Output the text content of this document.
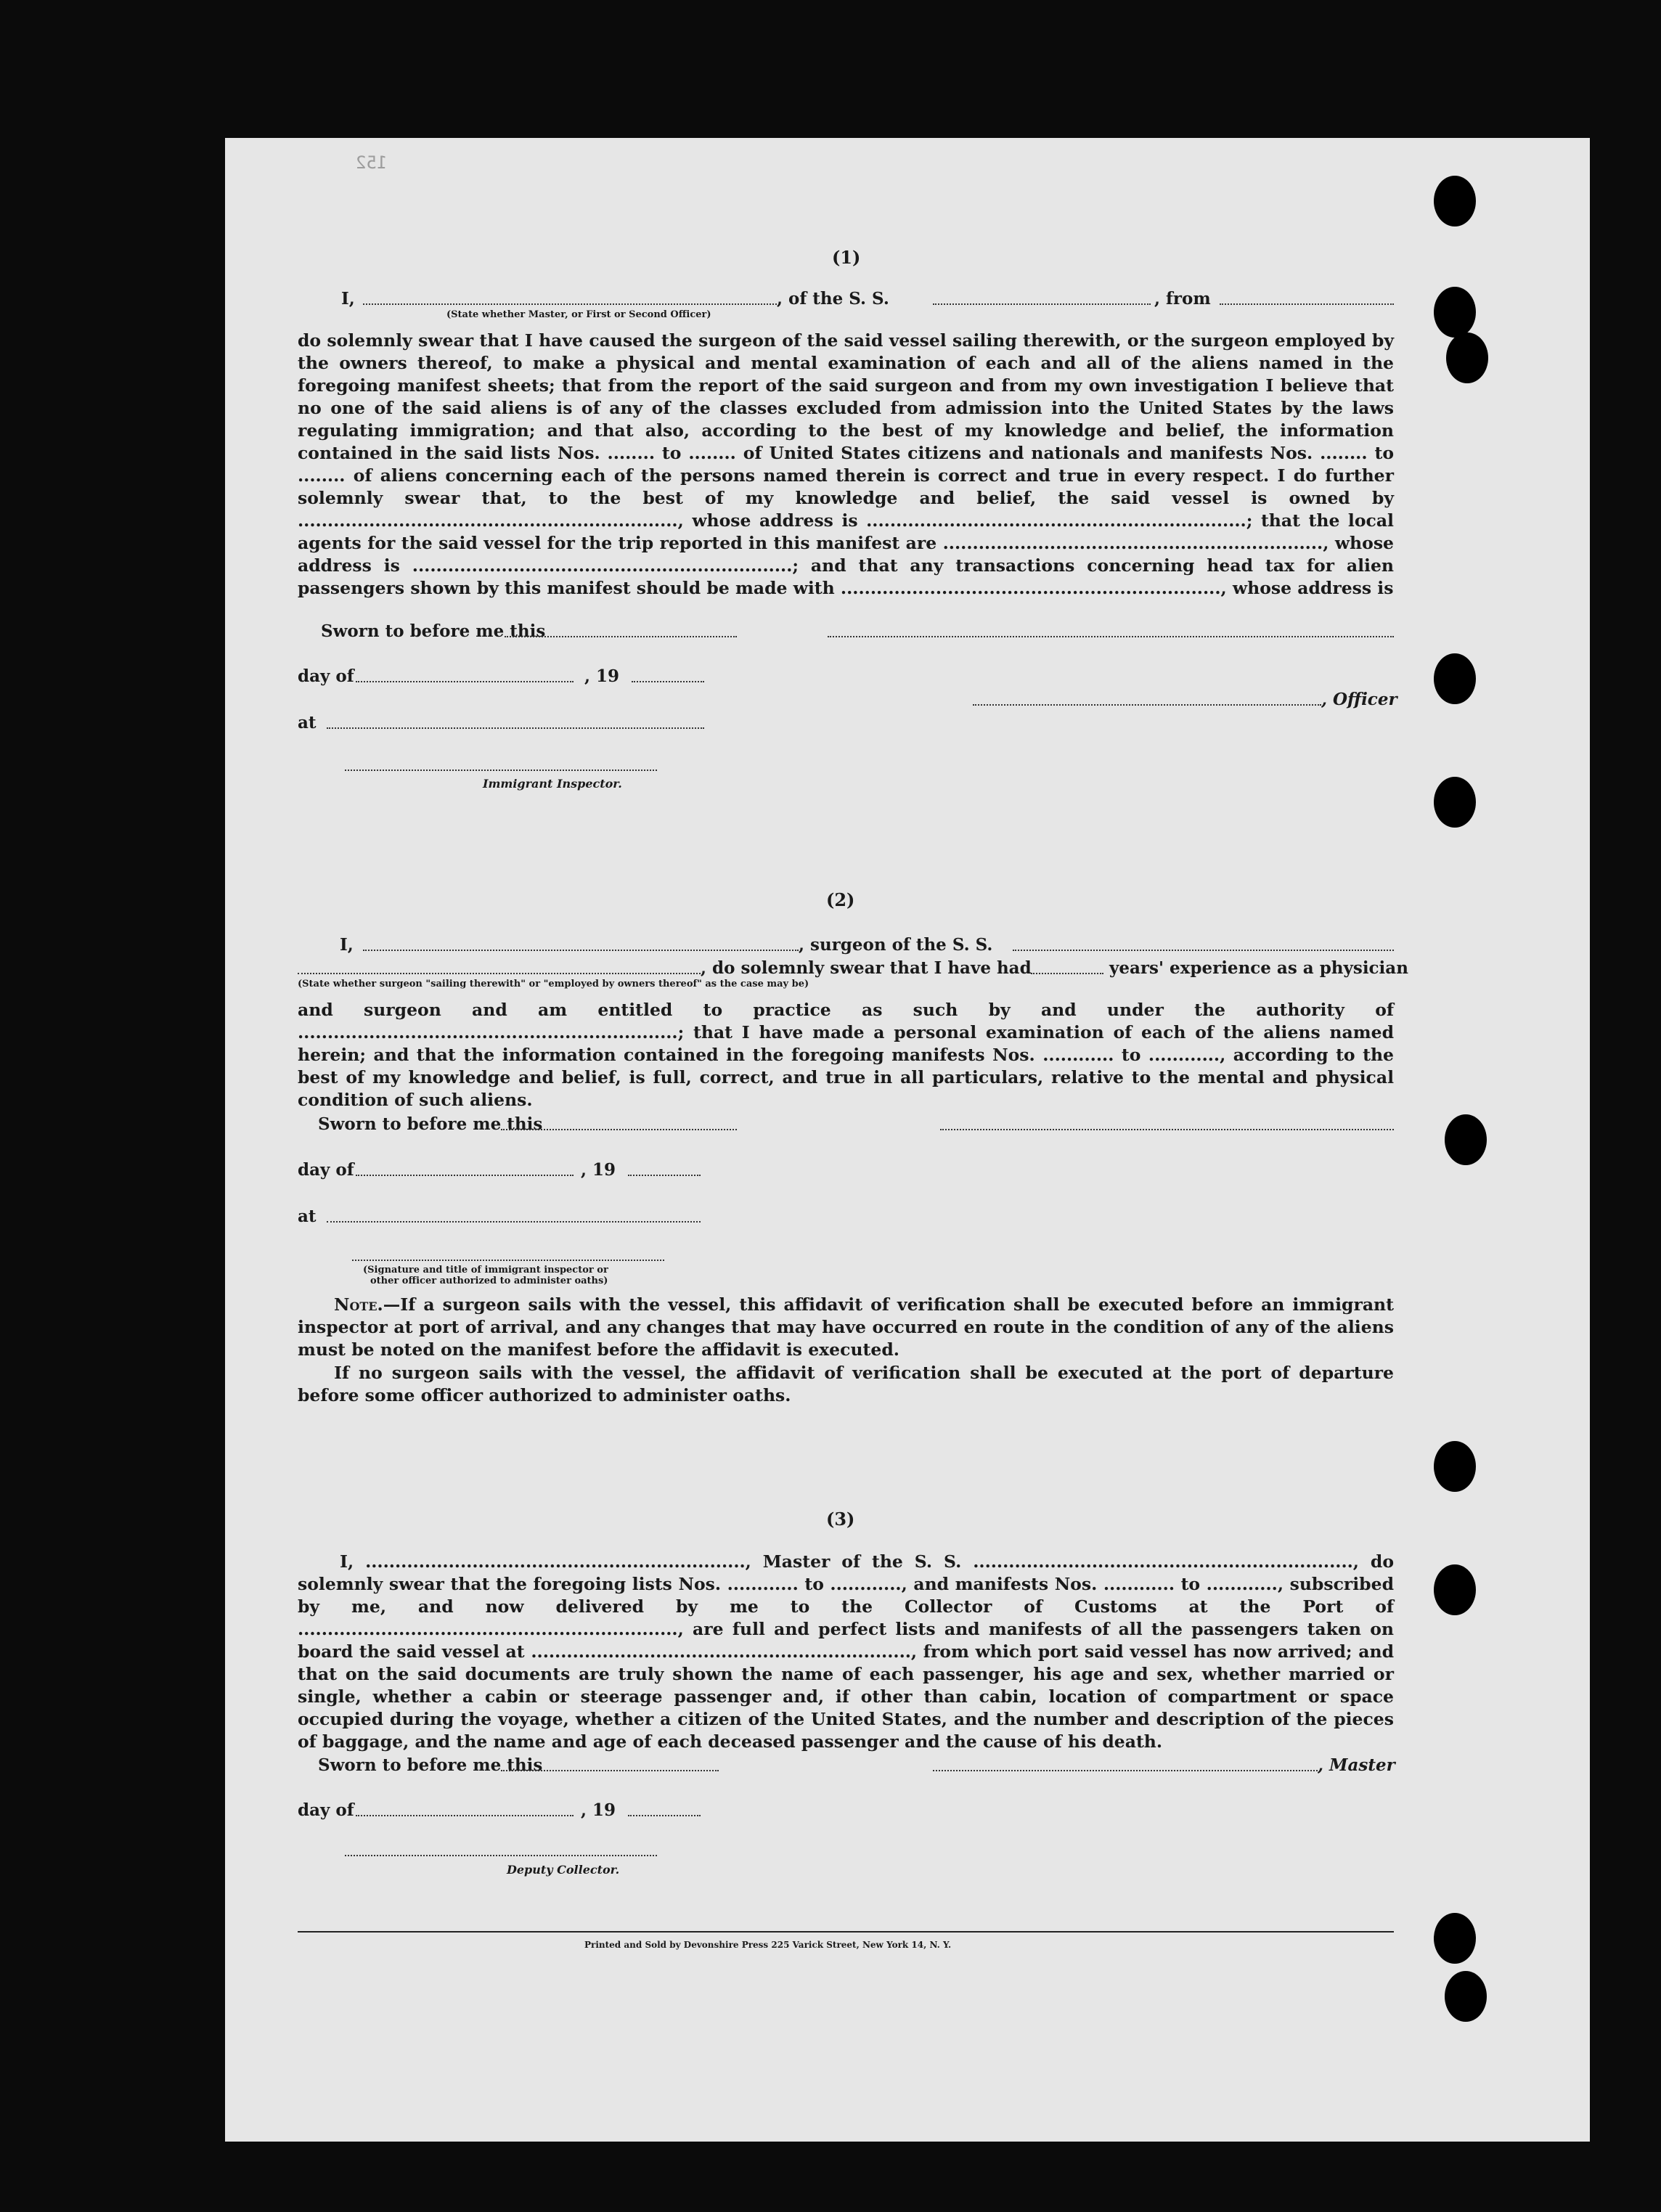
152
(1)
I,	, of the S. S.	, from
(State whether Master, or First or Second Officer)
do solemnly swear that I have caused the surgeon of the said vessel sailing therewith, or the surgeon employed by the owners thereof, to make a physical and mental examination of each and all of the aliens named in the foregoing manifest sheets; that from the report of the said surgeon and from my own investigation I believe that no one of the said aliens is of any of the classes excluded from admission into the United States by the laws regulating immigration; and that also, according to the best of my knowledge and belief, the information contained in the said lists Nos. ........ to ........ of United States citizens and nationals and manifests Nos. ........ to ........ of aliens concerning each of the persons named therein is correct and true in every respect. I do further solemnly swear that, to the best of my knowledge and belief, the said vessel is owned by ................................................................, whose address is ................................................................; that the local agents for the said vessel for the trip reported in this manifest are ................................................................, whose address is ................................................................; and that any transactions concerning head tax for alien passengers shown by this manifest should be made with ................................................................, whose address is
Sworn to before me this
day of	, 19
, Officer
at
Immigrant Inspector.
(2)
I,	, surgeon of the S. S.
, do solemnly swear that I have had	years' experience as a physician
(State whether surgeon "sailing therewith" or "employed by owners thereof" as the case may be)
and surgeon and am entitled to practice as such by and under the authority of ................................................................; that I have made a personal examination of each of the aliens named herein; and that the information contained in the foregoing manifests Nos. ............ to ............, according to the best of my knowledge and belief, is full, correct, and true in all particulars, relative to the mental and physical condition of such aliens.
Sworn to before me this
day of	, 19
at
(Signature and title of immigrant inspector or
other officer authorized to administer oaths)
Note.—If a surgeon sails with the vessel, this affidavit of verification shall be executed before an immigrant inspector at port of arrival, and any changes that may have occurred en route in the condition of any of the aliens must be noted on the manifest before the affidavit is executed.
If no surgeon sails with the vessel, the affidavit of verification shall be executed at the port of departure before some officer authorized to administer oaths.
(3)
I, ................................................................, Master of the S. S. ................................................................, do solemnly swear that the foregoing lists Nos. ............ to ............, and manifests Nos. ............ to ............, subscribed by me, and now delivered by me to the Collector of Customs at the Port of ................................................................, are full and perfect lists and manifests of all the passengers taken on board the said vessel at ................................................................, from which port said vessel has now arrived; and that on the said documents are truly shown the name of each passenger, his age and sex, whether married or single, whether a cabin or steerage passenger and, if other than cabin, location of compartment or space occupied during the voyage, whether a citizen of the United States, and the number and description of the pieces of baggage, and the name and age of each deceased passenger and the cause of his death.
Sworn to before me this	, Master
day of	, 19
Deputy Collector.
Printed and Sold by Devonshire Press 225 Varick Street, New York 14, N. Y.
